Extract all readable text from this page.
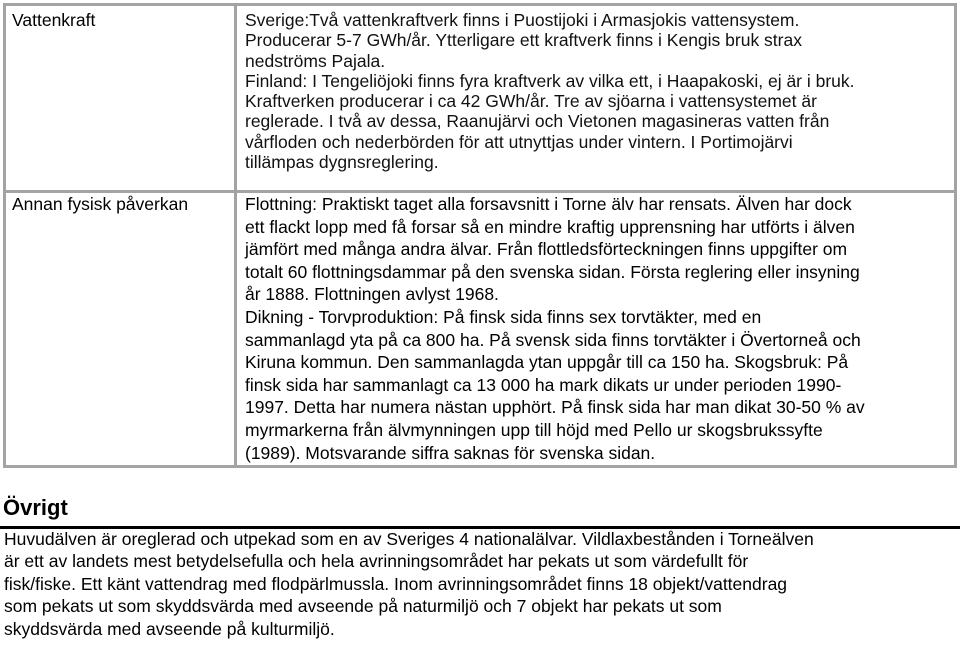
Vattenkraft	Sverige:Två vattenkraftverk finns i Puostijoki i Armasjokis vattensystem.

Producerar 5-7 GWh/år. Ytterligare ett kraftverk finns i Kengis bruk strax

nedströms Pajala.

Finland: I Tengeliöjoki finns fyra kraftverk av vilka ett, i Haapakoski, ej är i bruk.

Kraftverken producerar i ca 42 GWh/år. Tre av sjöarna i vattensystemet är

reglerade. I två av dessa, Raanujärvi och Vietonen magasineras vatten från

vårfloden och nederbörden för att utnyttjas under vintern. I Portimojärvi

tillämpas dygnsreglering.

Annan fysisk påverkan	Flottning: Praktiskt taget alla forsavsnitt i Torne älv har rensats. Älven har dock

ett flackt lopp med få forsar så en mindre kraftig upprensning har utförts i älven

jämfört med många andra älvar. Från flottledsförteckningen finns uppgifter om

totalt 60 flottningsdammar på den svenska sidan. Första reglering eller insyning

år 1888. Flottningen avlyst 1968.

Dikning - Torvproduktion: På finsk sida finns sex torvtäkter, med en

sammanlagd yta på ca 800 ha. På svensk sida finns torvtäkter i Övertorneå och

Kiruna kommun. Den sammanlagda ytan uppgår till ca 150 ha. Skogsbruk: På

finsk sida har sammanlagt ca 13 000 ha mark dikats ur under perioden 1990-

1997. Detta har numera nästan upphört. På finsk sida har man dikat 30-50 % av

myrmarkerna från älvmynningen upp till höjd med Pello ur skogsbrukssyfte

(1989). Motsvarande siffra saknas för svenska sidan.

Övrigt

Huvudälven är oreglerad och utpekad som en av Sveriges 4 nationalälvar. Vildlaxbestånden i Torneälven

är ett av landets mest betydelsefulla och hela avrinningsområdet har pekats ut som värdefullt för

fisk/fiske. Ett känt vattendrag med flodpärlmussla. Inom avrinningsområdet finns 18 objekt/vattendrag

som pekats ut som skyddsvärda med avseende på naturmiljö och 7 objekt har pekats ut som

skyddsvärda med avseende på kulturmiljö.
